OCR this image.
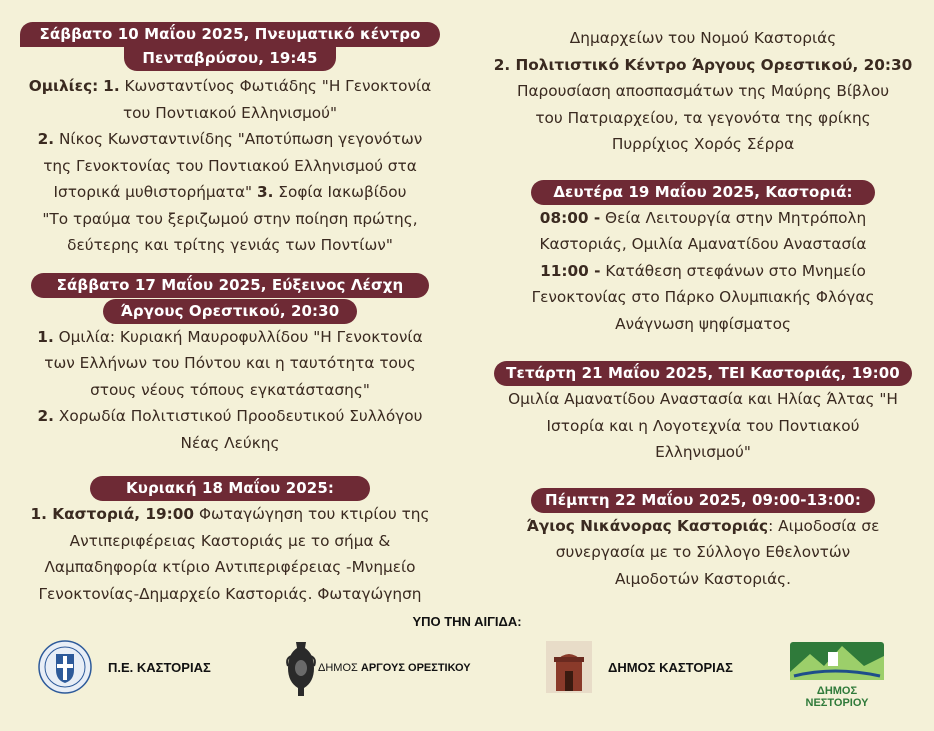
Σάββατο 10 Μαΐου 2025, Πνευματικό κέντρο
Πενταβρύσου, 19:45

Ομιλίες: 1. Κωνσταντίνος Φωτιάδης "Η Γενοκτονία

του Ποντιακού Ελληνισμού"

2. Νίκος Κωνσταντινίδης "Αποτύπωση γεγονότων

της Γενοκτονίας του Ποντιακού Ελληνισμού στα

Ιστορικά μυθιστορήματα" 3. Σοφία Ιακωβίδου

"Το τραύμα του ξεριζωμού στην ποίηση πρώτης,

δεύτερης και τρίτης γενιάς των Ποντίων"

Σάββατο 17 Μαΐου 2025, Εύξεινος Λέσχη
Άργους Ορεστικού, 20:30

1. Ομιλία: Κυριακή Μαυροφυλλίδου "Η Γενοκτονία

των Ελλήνων του Πόντου και η ταυτότητα τους

στους νέους τόπους εγκατάστασης"

2. Χορωδία Πολιτιστικού Προοδευτικού Συλλόγου

Νέας Λεύκης

Κυριακή 18 Μαΐου 2025:

1. Καστοριά, 19:00 Φωταγώγηση του κτιρίου της

Αντιπεριφέρειας Καστοριάς με το σήμα &

Λαμπαδηφορία κτίριο Αντιπεριφέρειας -Μνημείο

Γενοκτονίας-Δημαρχείο Καστοριάς. Φωταγώγηση

Δημαρχείων του Νομού Καστοριάς

2. Πολιτιστικό Κέντρο Άργους Ορεστικού, 20:30

Παρουσίαση αποσπασμάτων της Μαύρης Βίβλου

του Πατριαρχείου, τα γεγονότα της φρίκης

Πυρρίχιος Χορός Σέρρα

Δευτέρα 19 Μαΐου 2025, Καστοριά:

08:00 - Θεία Λειτουργία στην Μητρόπολη

Καστοριάς, Ομιλία Αμανατίδου Αναστασία

11:00 - Κατάθεση στεφάνων στο Μνημείο

Γενοκτονίας στο Πάρκο Ολυμπιακής Φλόγας

Ανάγνωση ψηφίσματος

Τετάρτη 21 Μαΐου 2025, ΤΕΙ Καστοριάς, 19:00

Ομιλία Αμανατίδου Αναστασία και Ηλίας Άλτας "Η

Ιστορία και η Λογοτεχνία του Ποντιακού

Ελληνισμού"

Πέμπτη 22 Μαΐου 2025, 09:00-13:00:

Άγιος Νικάνορας Καστοριάς: Αιμοδοσία σε

συνεργασία με το Σύλλογο Εθελοντών

Αιμοδοτών Καστοριάς.

ΥΠΟ ΤΗΝ ΑΙΓΙΔΑ:
Π.Ε. ΚΑΣΤΟΡΙΑΣ	ΔΗΜΟΣ ΑΡΓΟΥΣ ΟΡΕΣΤΙΚΟΥ	ΔΗΜΟΣ ΚΑΣΤΟΡΙΑΣ
ΔΗΜΟΣ ΝΕΣΤΟΡΙΟΥ
